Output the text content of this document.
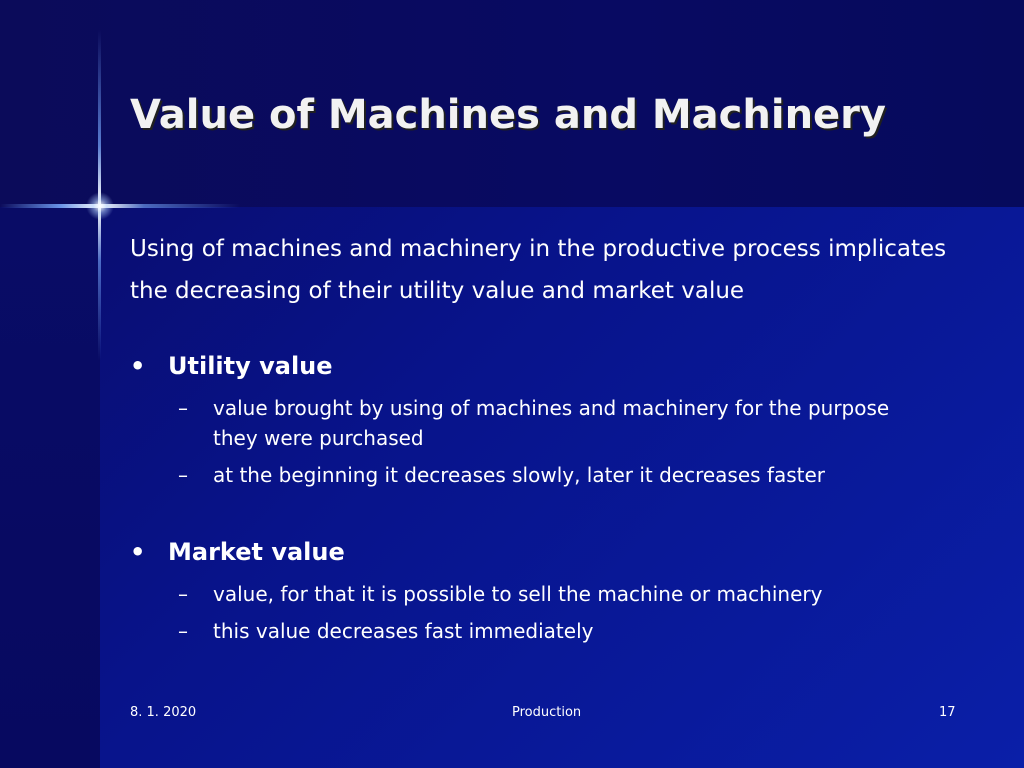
Value of Machines and Machinery
Using of machines and machinery in the productive process implicates the decreasing of their utility value and market value
• Utility value
–	value brought by using of machines and machinery for the purpose they were purchased
–	at the beginning it decreases slowly, later it decreases faster
• Market value
–	value, for that it is possible to sell the machine or machinery
–	this value decreases fast immediately
8. 1. 2020	Production	17
